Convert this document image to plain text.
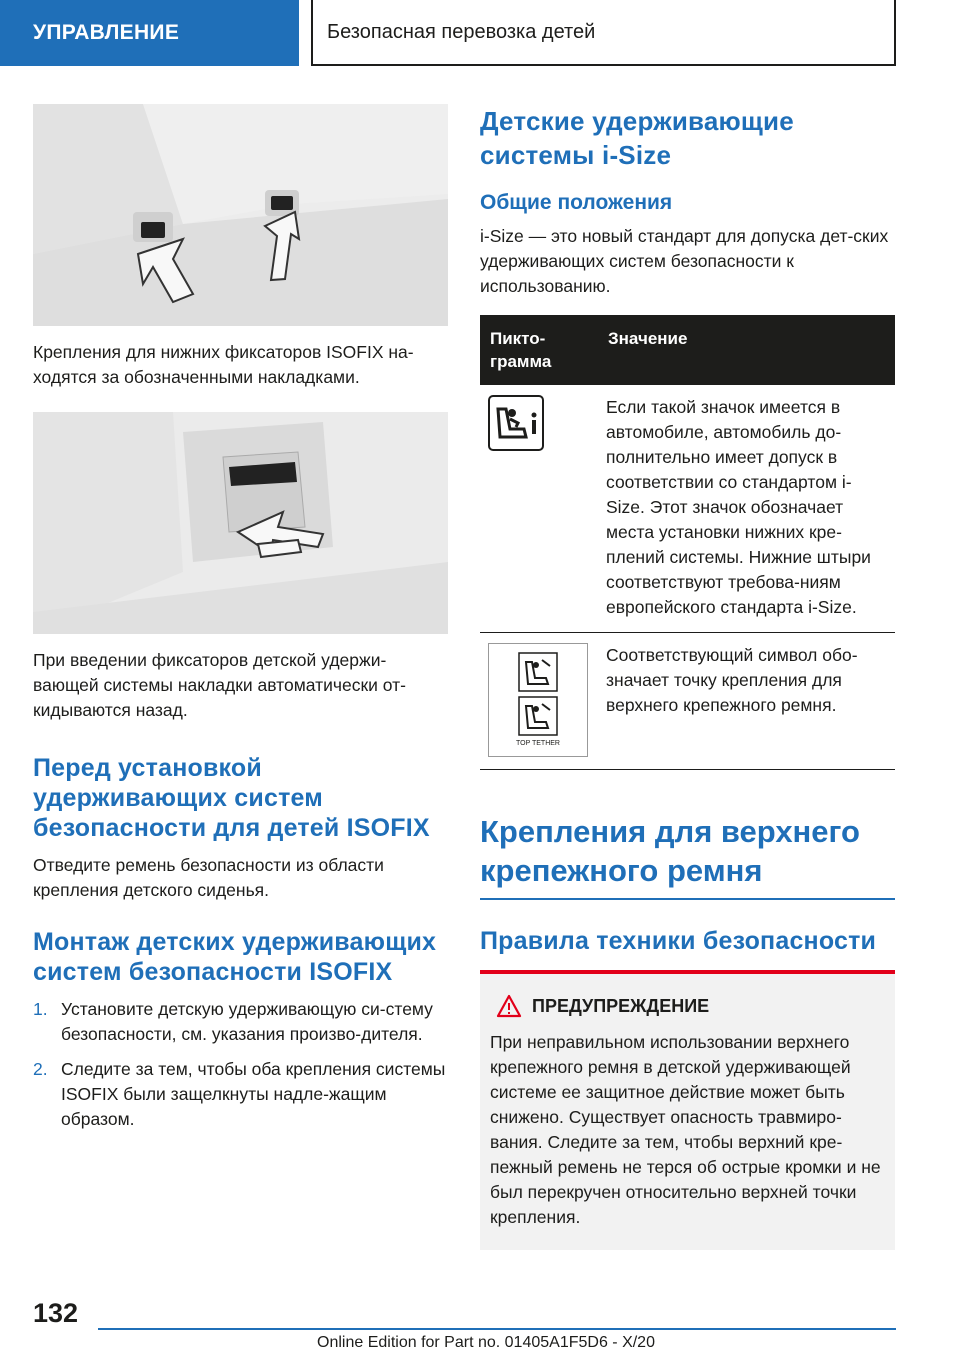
УПРАВЛЕНИЕ	Безопасная перевозка детей

Крепления для нижних фиксаторов ISOFIX на-ходятся за обозначенными накладками.

При введении фиксаторов детской удержи-вающей системы накладки автоматически от-кидываются назад.

Перед установкой удерживающих систем безопасности для детей ISOFIX

Отведите ремень безопасности из области крепления детского сиденья.

Монтаж детских удерживающих систем безопасности ISOFIX
1. Установите детскую удерживающую си-стему безопасности, см. указания произво-дителя.
2. Следите за тем, чтобы оба крепления системы ISOFIX были защелкнуты надле-жащим образом.
Детские удерживающие системы i-Size
Общие положения

i-Size — это новый стандарт для допуска дет-ских удерживающих систем безопасности к использованию.

Пикто-грамма	Значение
	Если такой значок имеется в автомобиле, автомобиль до-полнительно имеет допуск в соответствии со стандартом i-Size. Этот значок обозначает места установки нижних кре-плений системы. Нижние штыри соответствуют требова-ниям европейского стандарта i-Size.

TOP TETHER	Соответствующий символ обо-значает точку крепления для верхнего крепежного ремня.
Крепления для верхнего крепежного ремня
Правила техники безопасности
ПРЕДУПРЕЖДЕНИЕ

При неправильном использовании верхнего крепежного ремня в детской удерживающей системе ее защитное действие может быть снижено. Существует опасность травмиро-вания. Следите за тем, чтобы верхний кре-пежный ремень не терся об острые кромки и не был перекручен относительно верхней точки крепления.

132
Online Edition for Part no. 01405A1F5D6 - X/20
